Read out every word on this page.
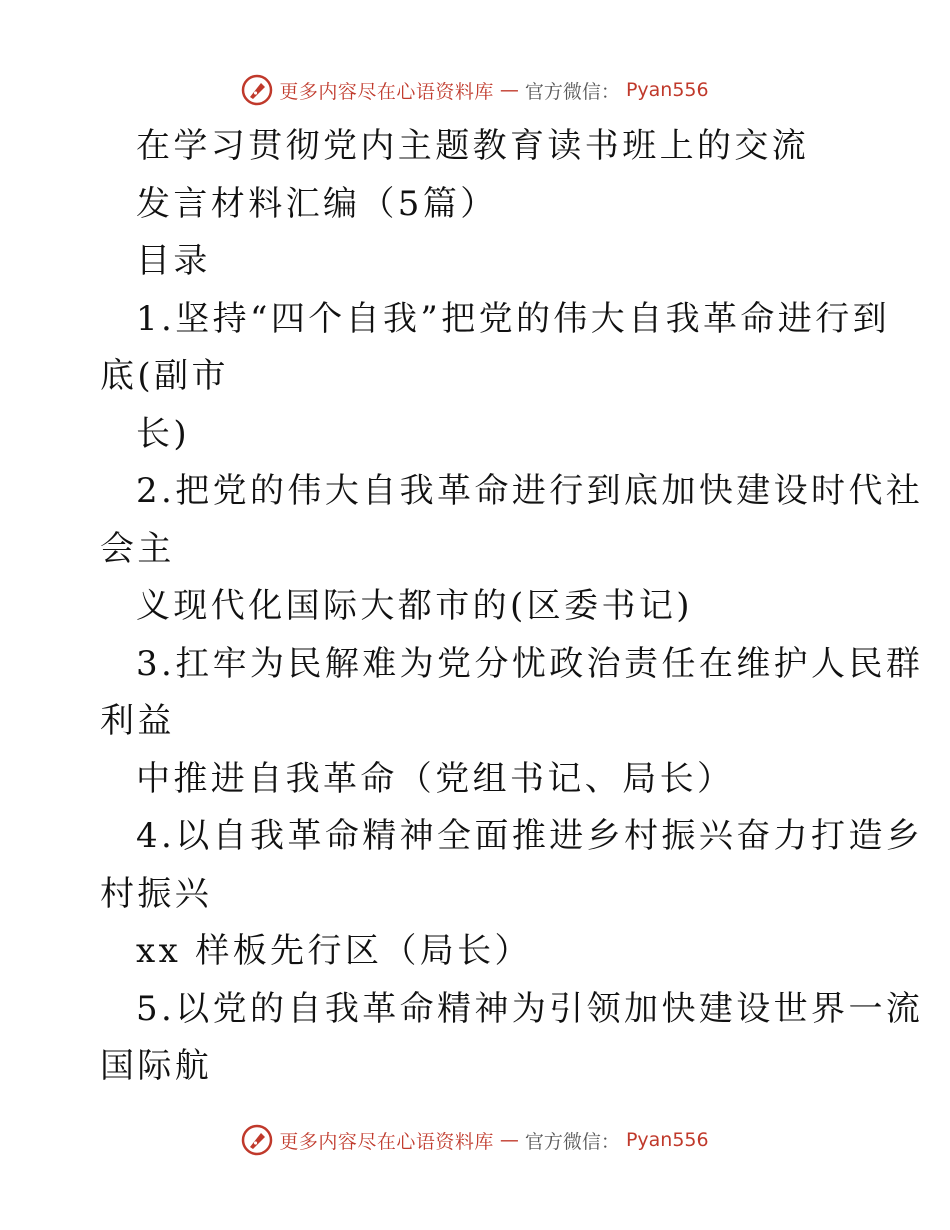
更多内容尽在心语资料库 — 官方微信： Pyan556
在学习贯彻党内主题教育读书班上的交流
发言材料汇编（5篇）
目录
1.坚持“四个自我”把党的伟大自我革命进行到
底(副市
长)
2.把党的伟大自我革命进行到底加快建设时代社
会主
义现代化国际大都市的(区委书记)
3.扛牢为民解难为党分忧政治责任在维护人民群
利益
中推进自我革命（党组书记、局长）
4.以自我革命精神全面推进乡村振兴奋力打造乡
村振兴
xx 样板先行区（局长）
5.以党的自我革命精神为引领加快建设世界一流
国际航
更多内容尽在心语资料库 — 官方微信： Pyan556
